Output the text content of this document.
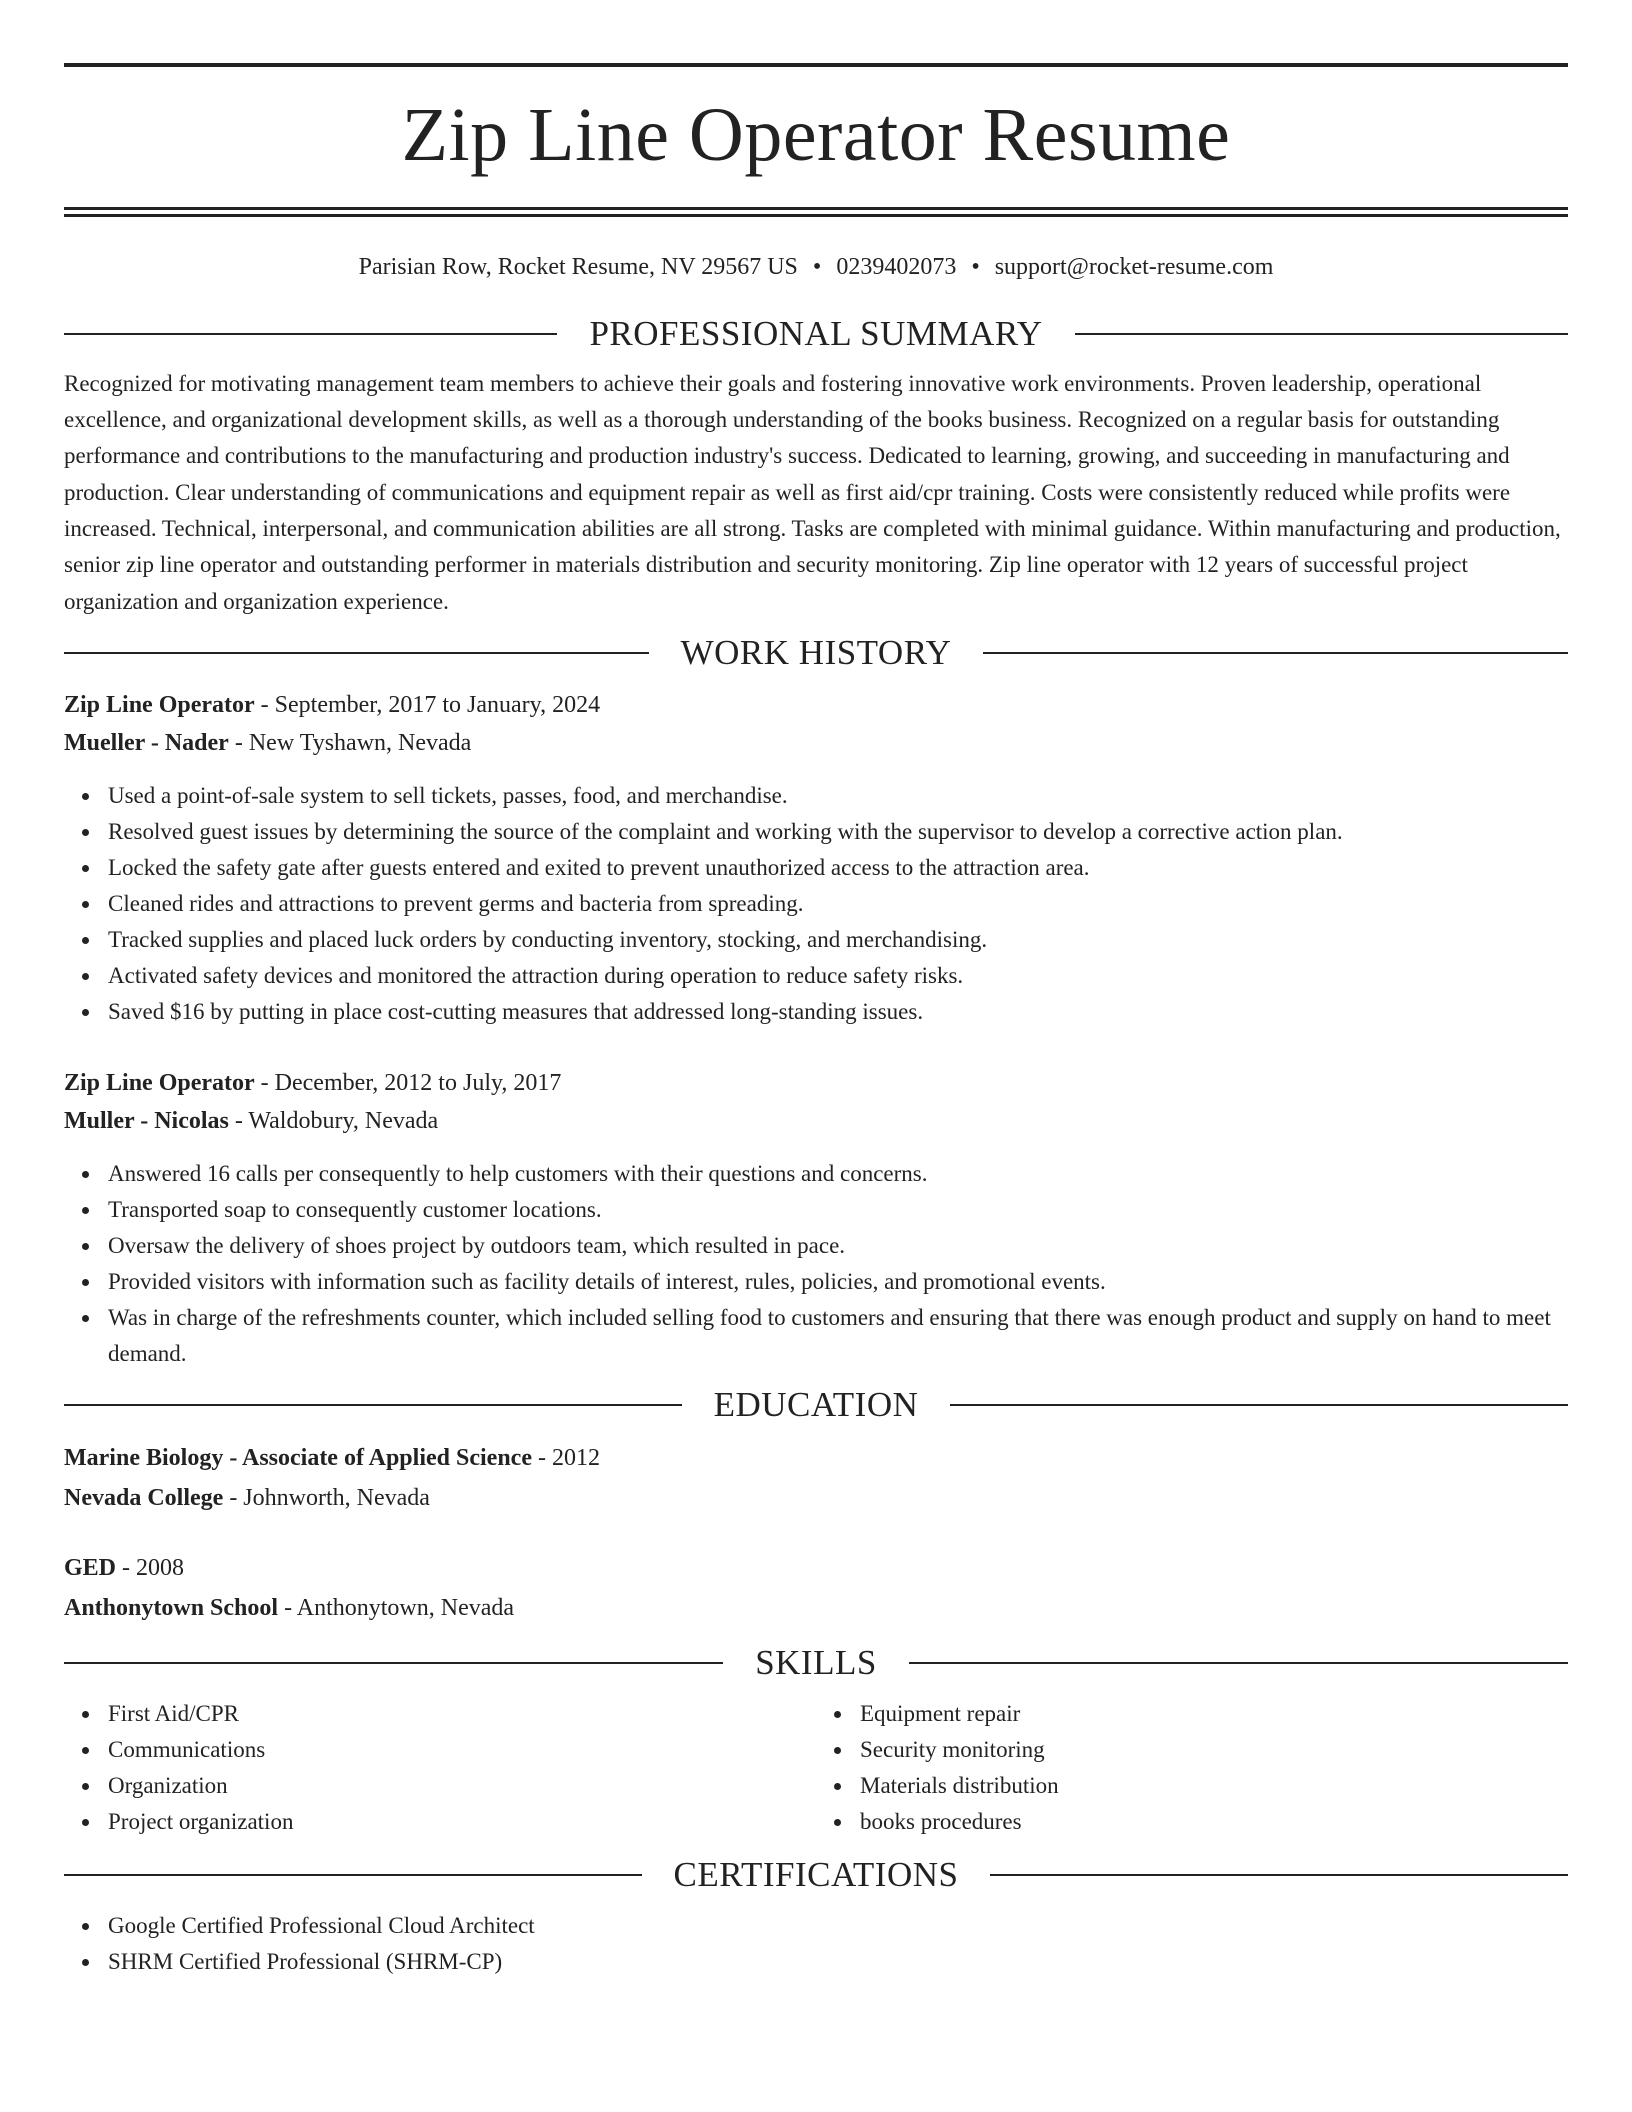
Zip Line Operator Resume
Parisian Row, Rocket Resume, NV 29567 US • 0239402073 • support@rocket-resume.com
PROFESSIONAL SUMMARY

Recognized for motivating management team members to achieve their goals and fostering innovative work environments. Proven leadership, operational excellence, and organizational development skills, as well as a thorough understanding of the books business. Recognized on a regular basis for outstanding performance and contributions to the manufacturing and production industry's success. Dedicated to learning, growing, and succeeding in manufacturing and production. Clear understanding of communications and equipment repair as well as first aid/cpr training. Costs were consistently reduced while profits were increased. Technical, interpersonal, and communication abilities are all strong. Tasks are completed with minimal guidance. Within manufacturing and production, senior zip line operator and outstanding performer in materials distribution and security monitoring. Zip line operator with 12 years of successful project organization and organization experience.

WORK HISTORY

Zip Line Operator - September, 2017 to January, 2024

Mueller - Nader - New Tyshawn, Nevada

Used a point-of-sale system to sell tickets, passes, food, and merchandise.
Resolved guest issues by determining the source of the complaint and working with the supervisor to develop a corrective action plan.
Locked the safety gate after guests entered and exited to prevent unauthorized access to the attraction area.
Cleaned rides and attractions to prevent germs and bacteria from spreading.
Tracked supplies and placed luck orders by conducting inventory, stocking, and merchandising.
Activated safety devices and monitored the attraction during operation to reduce safety risks.
Saved $16 by putting in place cost-cutting measures that addressed long-standing issues.

Zip Line Operator - December, 2012 to July, 2017

Muller - Nicolas - Waldobury, Nevada

Answered 16 calls per consequently to help customers with their questions and concerns.
Transported soap to consequently customer locations.
Oversaw the delivery of shoes project by outdoors team, which resulted in pace.
Provided visitors with information such as facility details of interest, rules, policies, and promotional events.
Was in charge of the refreshments counter, which included selling food to customers and ensuring that there was enough product and supply on hand to meet demand.
EDUCATION

Marine Biology - Associate of Applied Science - 2012

Nevada College - Johnworth, Nevada

GED - 2008

Anthonytown School - Anthonytown, Nevada

SKILLS
First Aid/CPR
Communications
Organization
Project organization
Equipment repair
Security monitoring
Materials distribution
books procedures
CERTIFICATIONS
Google Certified Professional Cloud Architect
SHRM Certified Professional (SHRM-CP)
